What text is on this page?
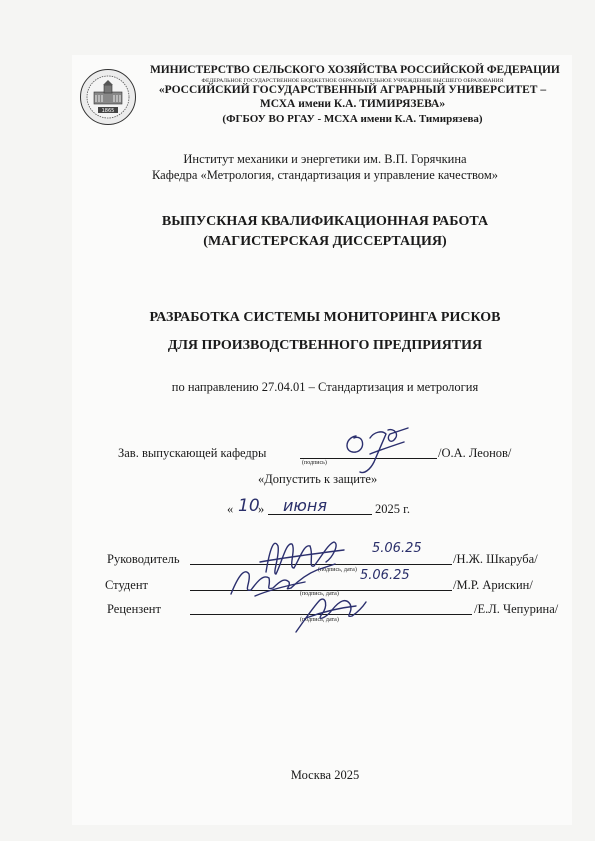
1865
МИНИСТЕРСТВО СЕЛЬСКОГО ХОЗЯЙСТВА РОССИЙСКОЙ ФЕДЕРАЦИИ
ФЕДЕРАЛЬНОЕ ГОСУДАРСТВЕННОЕ БЮДЖЕТНОЕ ОБРАЗОВАТЕЛЬНОЕ УЧРЕЖДЕНИЕ ВЫСШЕГО ОБРАЗОВАНИЯ
«РОССИЙСКИЙ ГОСУДАРСТВЕННЫЙ АГРАРНЫЙ УНИВЕРСИТЕТ –
МСХА имени К.А. ТИМИРЯЗЕВА»
(ФГБОУ ВО РГАУ - МСХА имени К.А. Тимирязева)
Институт механики и энергетики им. В.П. Горячкина
Кафедра «Метрология, стандартизация и управление качеством»
ВЫПУСКНАЯ КВАЛИФИКАЦИОННАЯ РАБОТА
(МАГИСТЕРСКАЯ ДИССЕРТАЦИЯ)
РАЗРАБОТКА СИСТЕМЫ МОНИТОРИНГА РИСКОВ
ДЛЯ ПРОИЗВОДСТВЕННОГО ПРЕДПРИЯТИЯ
по направлению 27.04.01 – Стандартизация и метрология
Зав. выпускающей кафедры	/О.А. Леонов/
(подпись)
«Допустить к защите»
« 10
» июня	2025 г.
Руководитель	/Н.Ж. Шкаруба/
(подпись, дата)
5.06.25
Студент	/М.Р. Арискин/
(подпись, дата)
5.06.25
Рецензент	/Е.Л. Чепурина/
(подпись, дата)
Москва 2025
